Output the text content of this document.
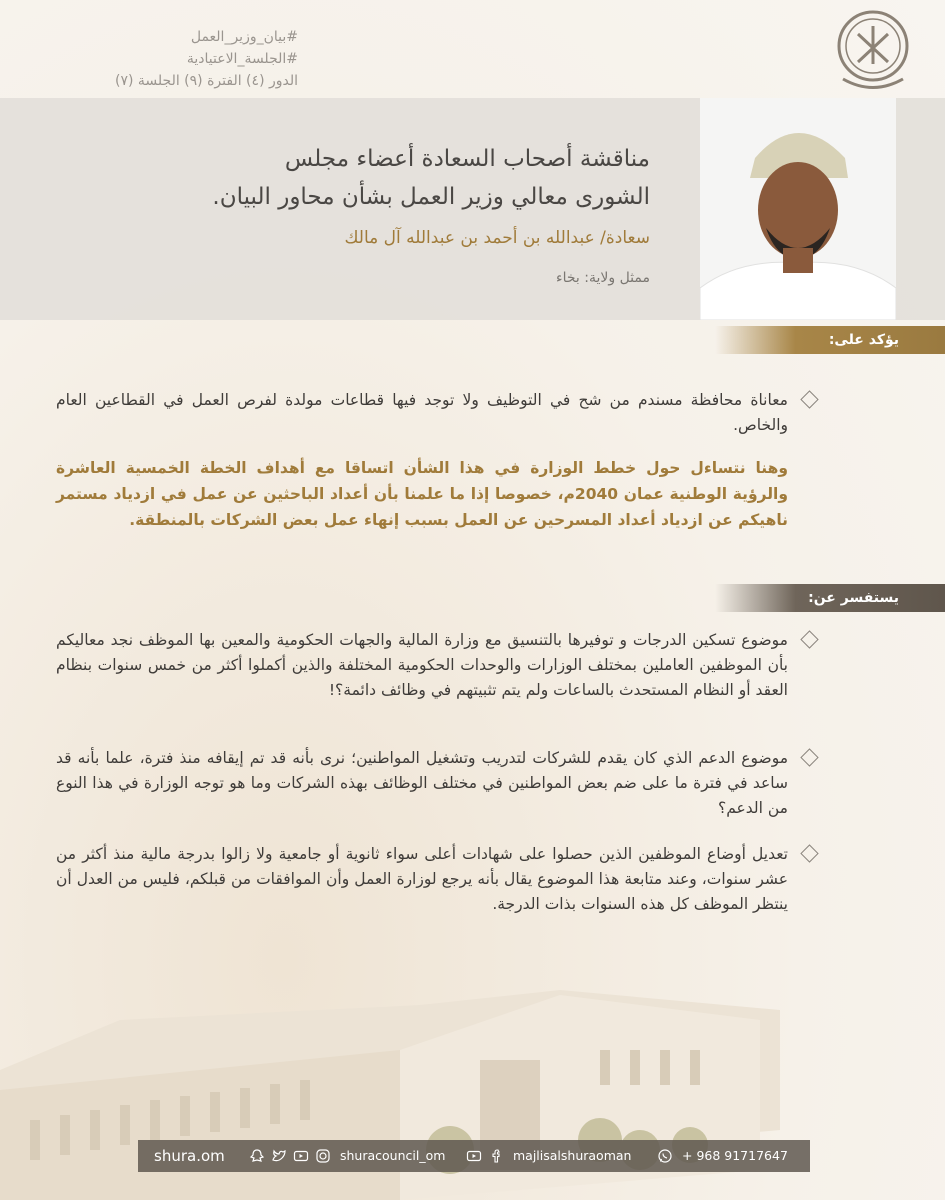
#بيان_وزير_العمل
#الجلسة_الاعتيادية
الدور (٤) الفترة (٩) الجلسة (٧)
مناقشة أصحاب السعادة أعضاء مجلس
الشورى معالي وزير العمل بشأن محاور البيان.
سعادة/ عبدالله بن أحمد بن عبدالله آل مالك
ممثل ولاية: بخاء
يؤكد على:
معاناة محافظة مسندم من شح في التوظيف ولا توجد فيها قطاعات مولدة لفرص العمل في القطاعين العام والخاص.
وهنا نتساءل حول خطط الوزارة في هذا الشأن اتساقا مع أهداف الخطة الخمسية العاشرة والرؤية الوطنية عمان 2040م، خصوصا إذا ما علمنا بأن أعداد الباحثين عن عمل في ازدياد مستمر ناهيكم عن ازدياد أعداد المسرحين عن العمل بسبب إنهاء عمل بعض الشركات بالمنطقة.
يستفسر عن:
موضوع تسكين الدرجات و توفيرها بالتنسيق مع وزارة المالية والجهات الحكومية والمعين بها الموظف نجد معاليكم بأن الموظفين العاملين بمختلف الوزارات والوحدات الحكومية المختلفة والذين أكملوا أكثر من خمس سنوات بنظام العقد أو النظام المستحدث بالساعات ولم يتم تثبيتهم في وظائف دائمة؟!
موضوع الدعم الذي كان يقدم للشركات لتدريب وتشغيل المواطنين؛ نرى بأنه قد تم إيقافه منذ فترة، علما بأنه قد ساعد في فترة ما على ضم بعض المواطنين في مختلف الوظائف بهذه الشركات وما هو توجه الوزارة في هذا النوع من الدعم؟
تعديل أوضاع الموظفين الذين حصلوا على شهادات أعلى سواء ثانوية أو جامعية ولا زالوا بدرجة مالية منذ أكثر من عشر سنوات، وعند متابعة هذا الموضوع يقال بأنه يرجع لوزارة العمل وأن الموافقات من قبلكم، فليس من العدل أن ينتظر الموظف كل هذه السنوات بذات الدرجة.
shura.om	shuracouncil_om	majlisalshuraoman	+ 968 91717647
